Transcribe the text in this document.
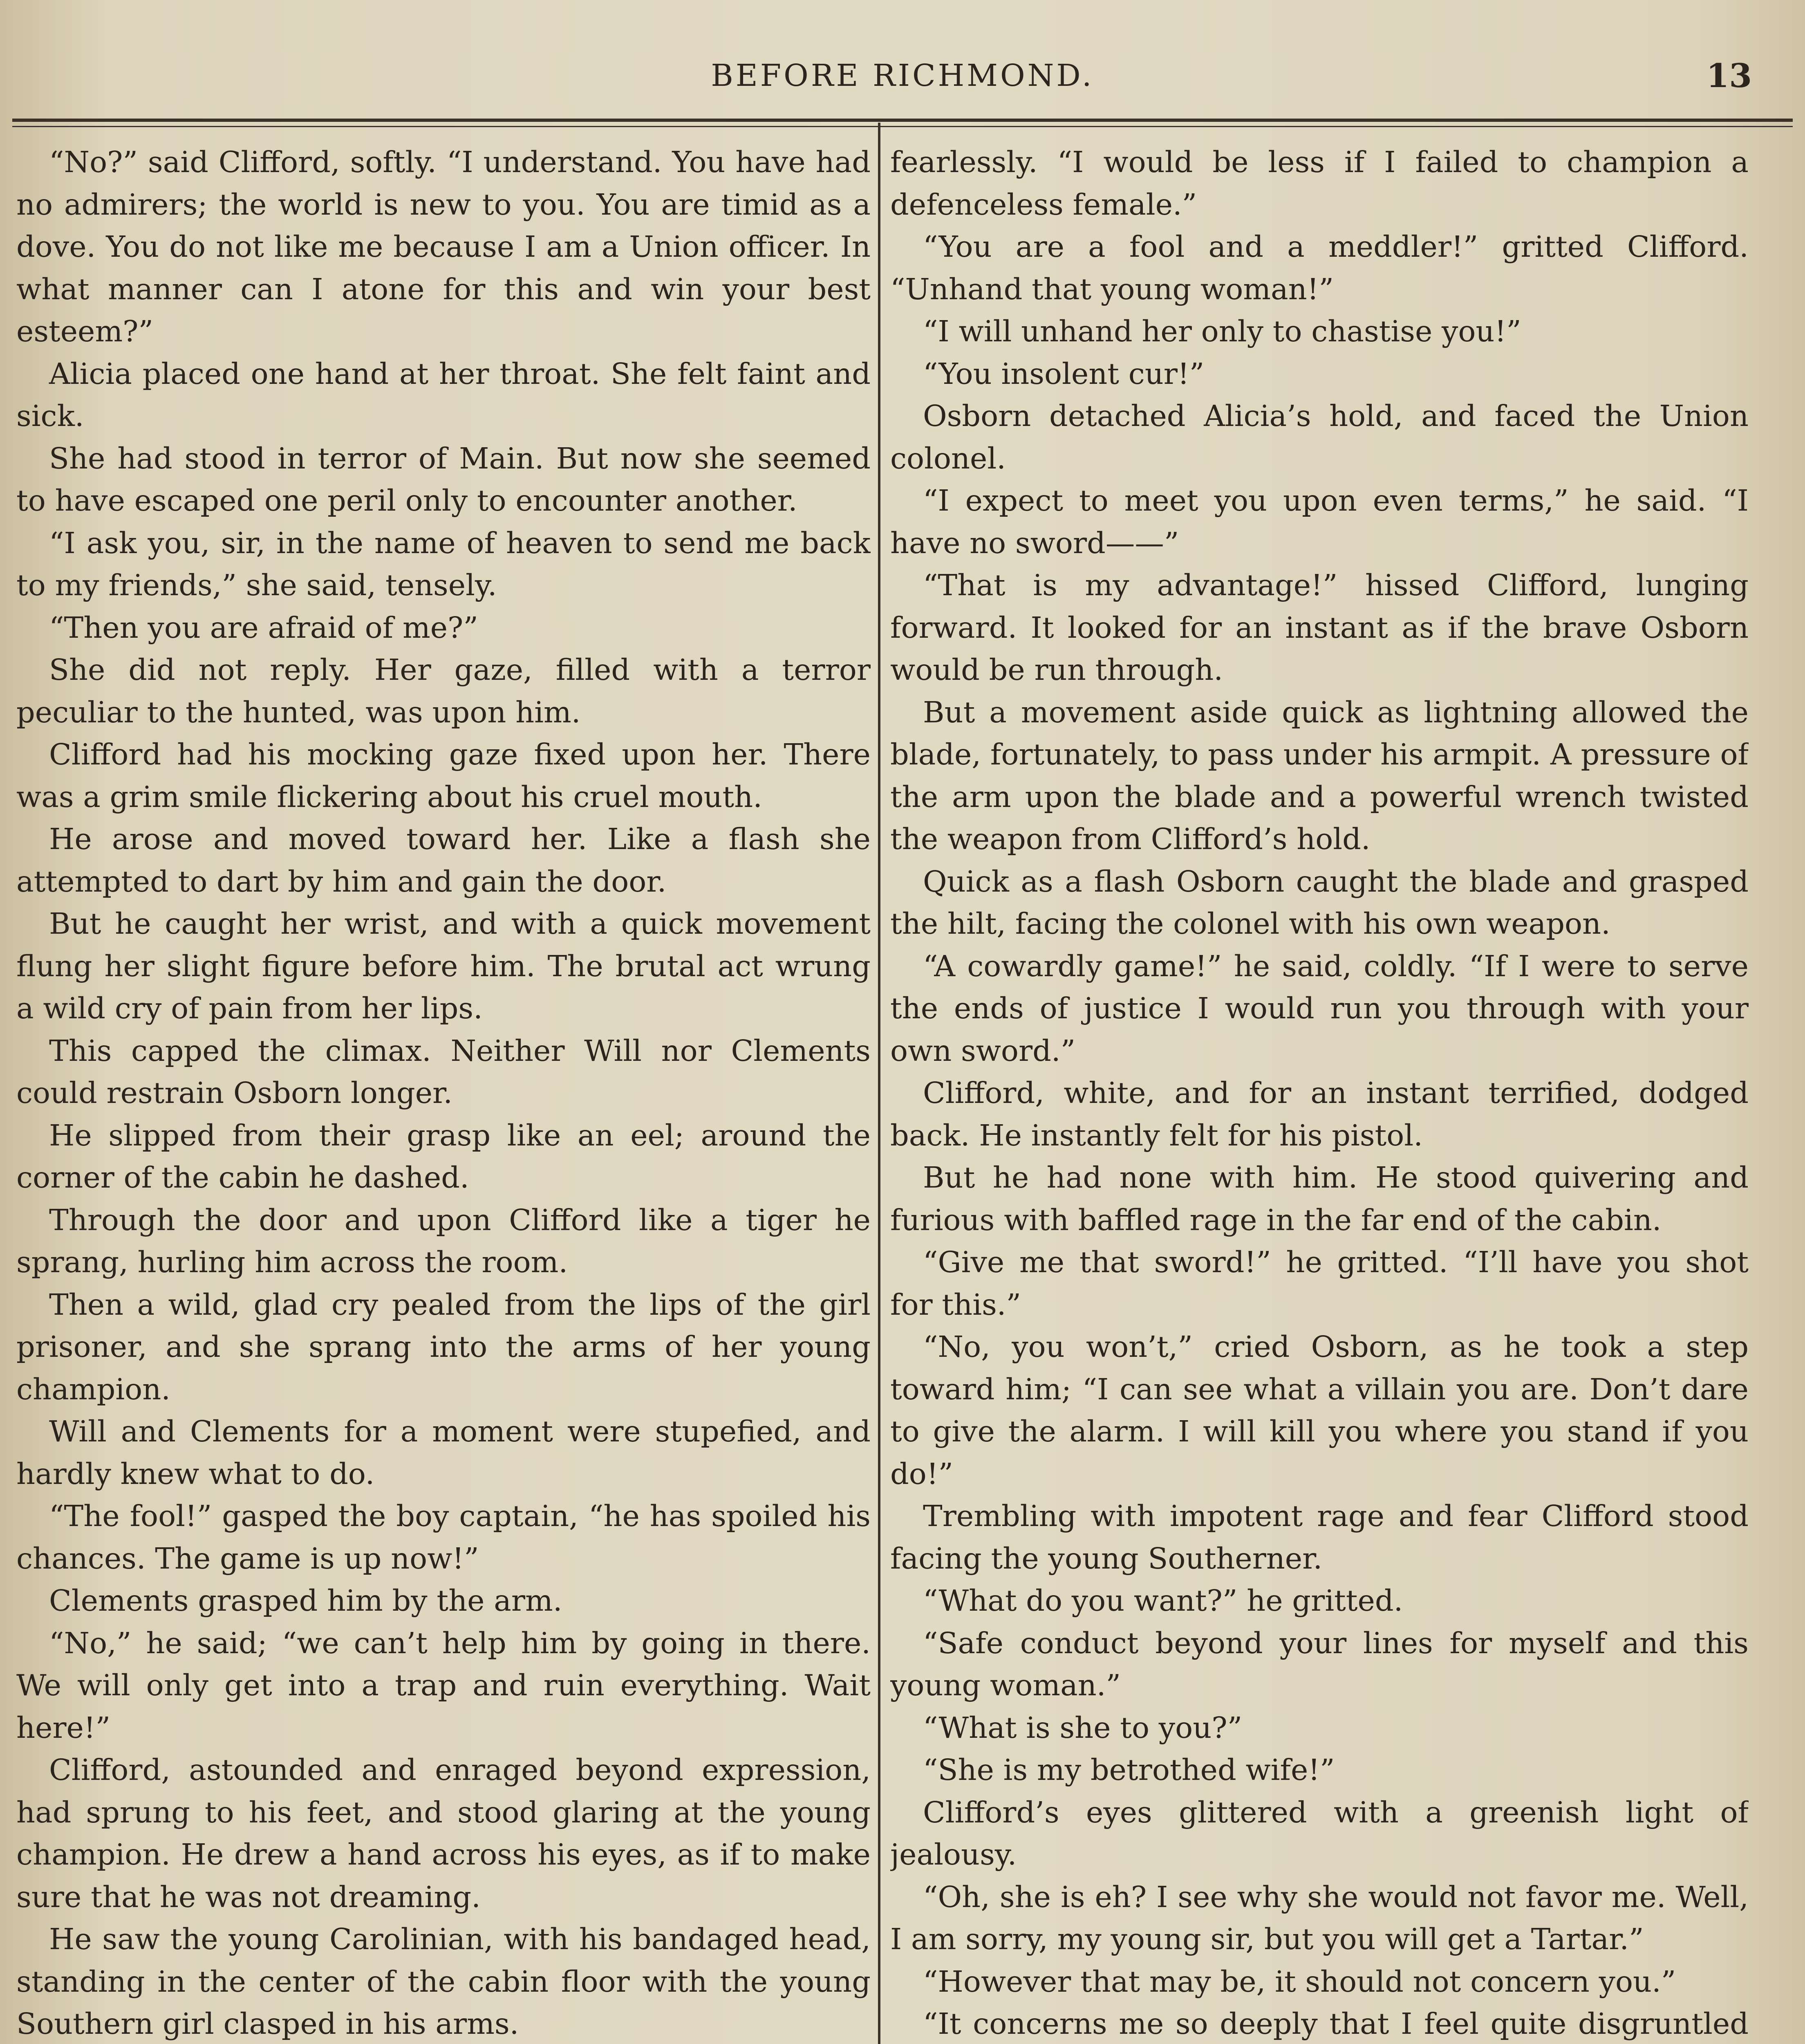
BEFORE RICHMOND.	13

“No?” said Clifford, softly. “I understand. You have had no admirers; the world is new to you. You are timid as a dove. You do not like me because I am a Union officer. In what manner can I atone for this and win your best esteem?”

Alicia placed one hand at her throat. She felt faint and sick.

She had stood in terror of Main. But now she seemed to have escaped one peril only to encounter another.

“I ask you, sir, in the name of heaven to send me back to my friends,” she said, tensely.

“Then you are afraid of me?”

She did not reply. Her gaze, filled with a terror peculiar to the hunted, was upon him.

Clifford had his mocking gaze fixed upon her. There was a grim smile flickering about his cruel mouth.

He arose and moved toward her. Like a flash she attempted to dart by him and gain the door.

But he caught her wrist, and with a quick movement flung her slight figure before him. The brutal act wrung a wild cry of pain from her lips.

This capped the climax. Neither Will nor Clements could restrain Osborn longer.

He slipped from their grasp like an eel; around the corner of the cabin he dashed.

Through the door and upon Clifford like a tiger he sprang, hurling him across the room.

Then a wild, glad cry pealed from the lips of the girl prisoner, and she sprang into the arms of her young champion.

Will and Clements for a moment were stupefied, and hardly knew what to do.

“The fool!” gasped the boy captain, “he has spoiled his chances. The game is up now!”

Clements grasped him by the arm.

“No,” he said; “we can’t help him by going in there. We will only get into a trap and ruin everything. Wait here!”

Clifford, astounded and enraged beyond expression, had sprung to his feet, and stood glaring at the young champion. He drew a hand across his eyes, as if to make sure that he was not dreaming.

He saw the young Carolinian, with his bandaged head, standing in the center of the cabin floor with the young Southern girl clasped in his arms.

fearlessly. “I would be less if I failed to champion a defenceless female.”

“You are a fool and a meddler!” gritted Clifford. “Unhand that young woman!”

“I will unhand her only to chastise you!”

“You insolent cur!”

Osborn detached Alicia’s hold, and faced the Union colonel.

“I expect to meet you upon even terms,” he said. “I have no sword——”

“That is my advantage!” hissed Clifford, lunging forward. It looked for an instant as if the brave Osborn would be run through.

But a movement aside quick as lightning allowed the blade, fortunately, to pass under his armpit. A pressure of the arm upon the blade and a powerful wrench twisted the weapon from Clifford’s hold.

Quick as a flash Osborn caught the blade and grasped the hilt, facing the colonel with his own weapon.

“A cowardly game!” he said, coldly. “If I were to serve the ends of justice I would run you through with your own sword.”

Clifford, white, and for an instant terrified, dodged back. He instantly felt for his pistol.

But he had none with him. He stood quivering and furious with baffled rage in the far end of the cabin.

“Give me that sword!” he gritted. “I’ll have you shot for this.”

“No, you won’t,” cried Osborn, as he took a step toward him; “I can see what a villain you are. Don’t dare to give the alarm. I will kill you where you stand if you do!”

Trembling with impotent rage and fear Clifford stood facing the young Southerner.

“What do you want?” he gritted.

“Safe conduct beyond your lines for myself and this young woman.”

“What is she to you?”

“She is my betrothed wife!”

Clifford’s eyes glittered with a greenish light of jealousy.

“Oh, she is eh? I see why she would not favor me. Well, I am sorry, my young sir, but you will get a Tartar.”

“However that may be, it should not concern you.”

“It concerns me so deeply that I feel quite disgruntled
